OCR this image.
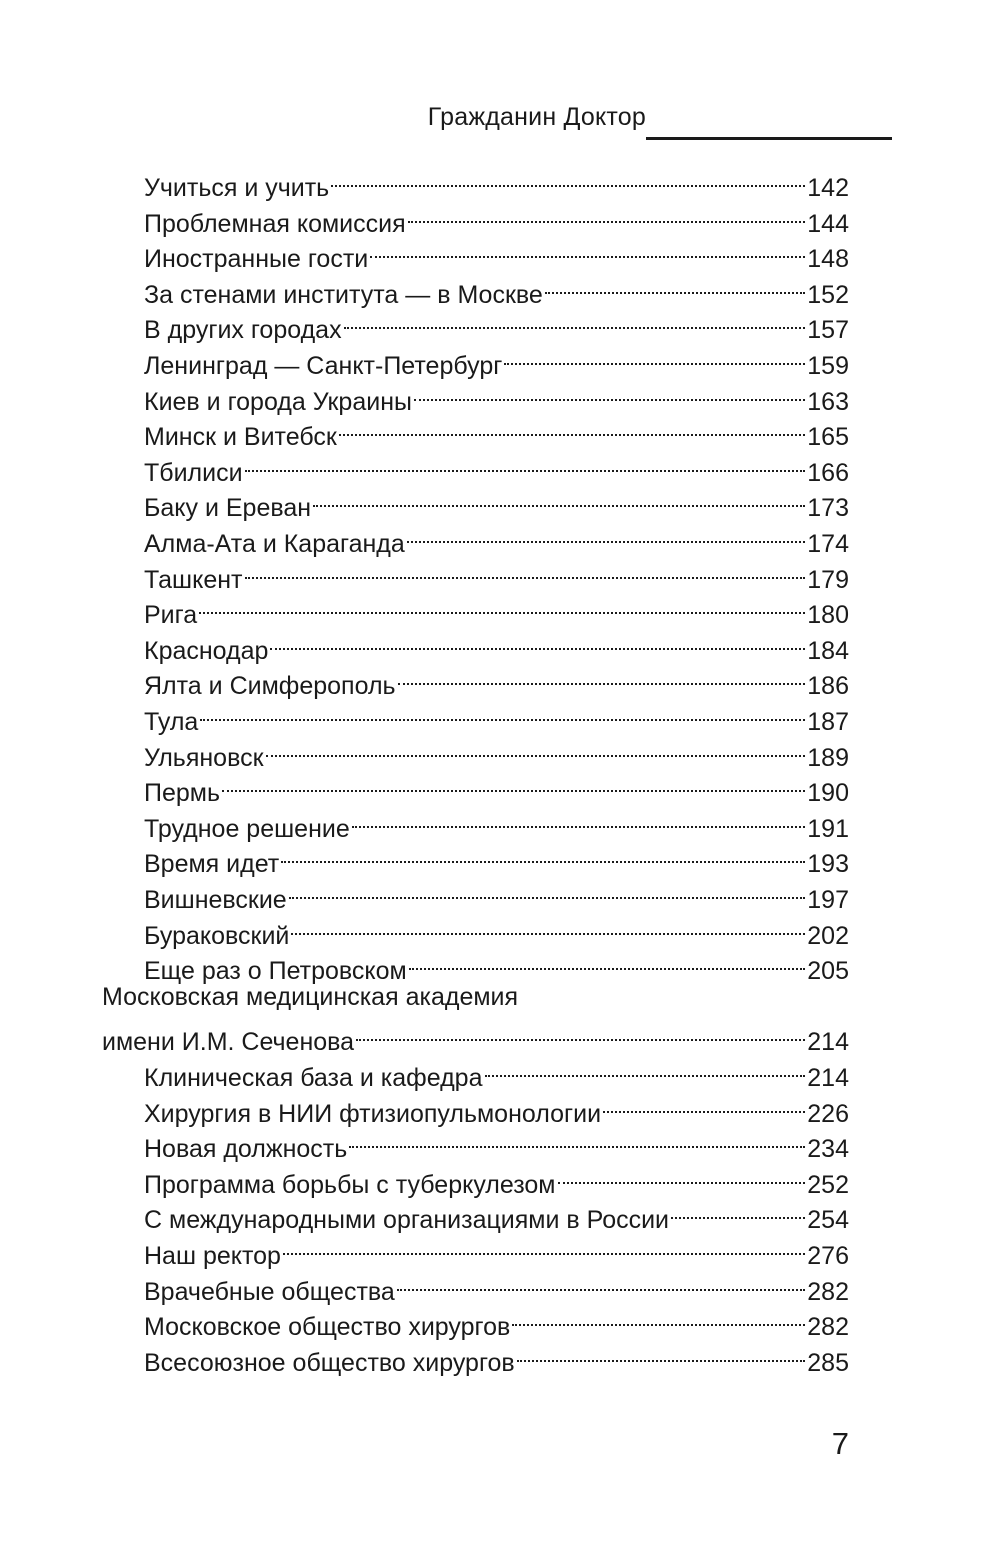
Гражданин Доктор
Учиться и учить	142
Проблемная комиссия	144
Иностранные гости	148
За стенами института — в Москве	152
В других городах	157
Ленинград — Санкт-Петербург	159
Киев и города Украины	163
Минск и Витебск	165
Тбилиси	166
Баку и Ереван	173
Алма-Ата и Караганда	174
Ташкент	179
Рига	180
Краснодар	184
Ялта и Симферополь	186
Тула	187
Ульяновск	189
Пермь	190
Трудное решение	191
Время идет	193
Вишневские	197
Бураковский	202
Еще раз о Петровском	205
Московская медицинская академия
имени И.М. Сеченова	214
Клиническая база и кафедра	214
Хирургия в НИИ фтизиопульмонологии	226
Новая должность	234
Программа борьбы с туберкулезом	252
С международными организациями в России	254
Наш ректор	276
Врачебные общества	282
Московское общество хирургов	282
Всесоюзное общество хирургов	285
7
